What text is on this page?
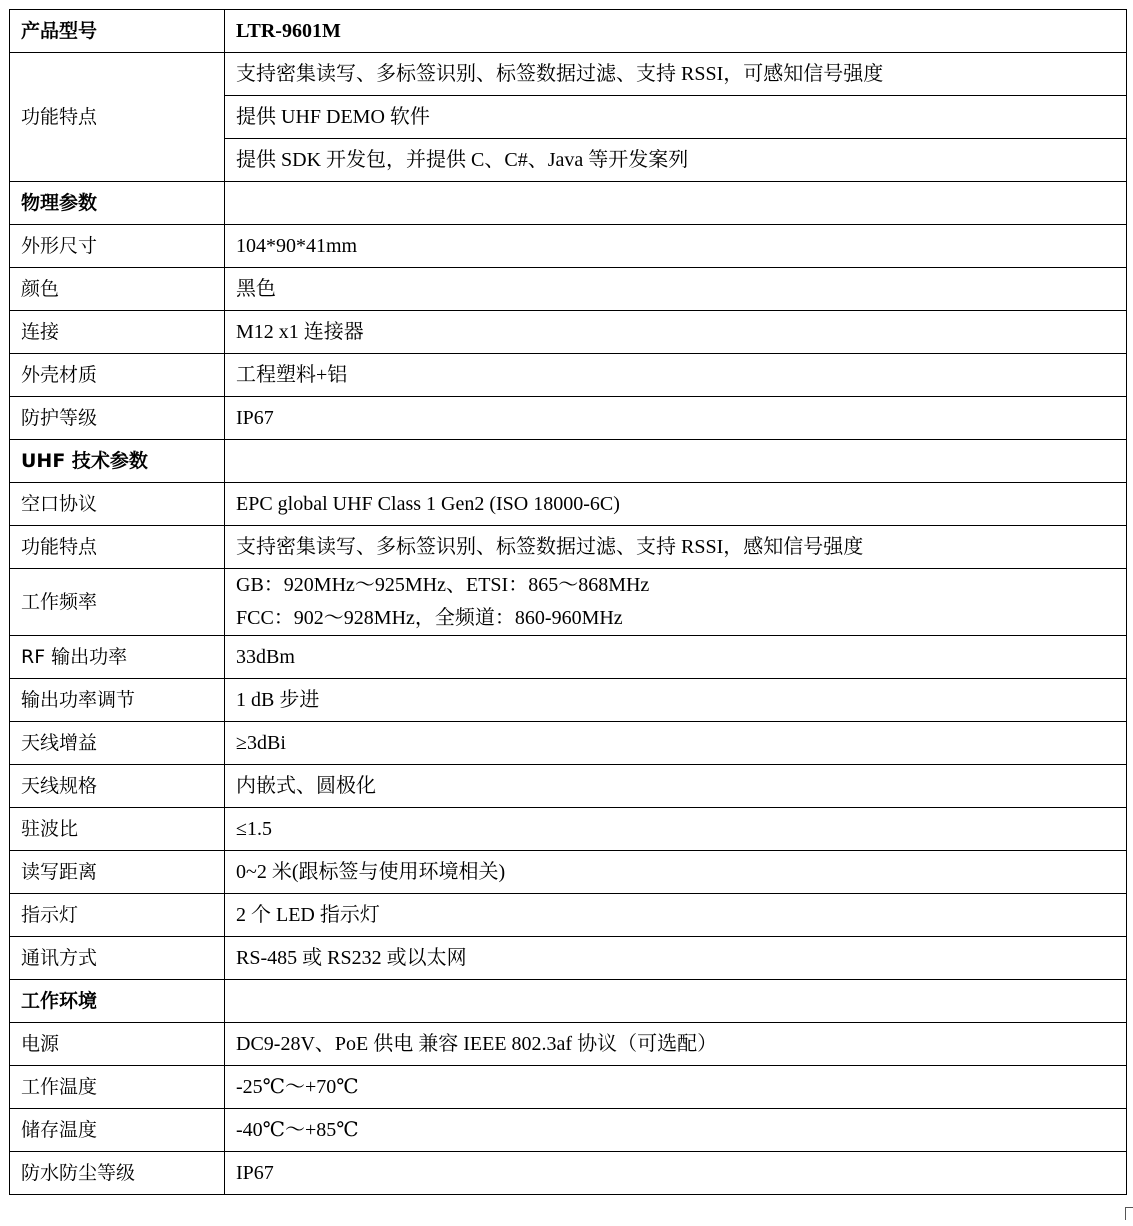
产品型号	LTR-9601M
功能特点	支持密集读写、多标签识别、标签数据过滤、支持 RSSI，可感知信号强度
	提供 UHF DEMO 软件
	提供 SDK 开发包，并提供 C、C#、Java 等开发案列
物理参数	
外形尺寸	104*90*41mm
颜色	黑色
连接	M12 x1 连接器
外壳材质	工程塑料+铝
防护等级	IP67
UHF 技术参数	
空口协议	EPC global UHF Class 1 Gen2 (ISO 18000-6C)
功能特点	支持密集读写、多标签识别、标签数据过滤、支持 RSSI，感知信号强度
工作频率	GB：920MHz～925MHz、ETSI：865～868MHz
FCC：902～928MHz，全频道：860-960MHz

RF 输出功率	33dBm
输出功率调节	1 dB 步进
天线增益	≥3dBi
天线规格	内嵌式、圆极化
驻波比	≤1.5
读写距离	0~2 米(跟标签与使用环境相关)
指示灯	2 个 LED 指示灯
通讯方式	RS-485 或 RS232 或以太网
工作环境	
电源	DC9-28V、PoE 供电 兼容 IEEE 802.3af 协议（可选配）
工作温度	-25℃～+70℃
储存温度	-40℃～+85℃
防水防尘等级	IP67
